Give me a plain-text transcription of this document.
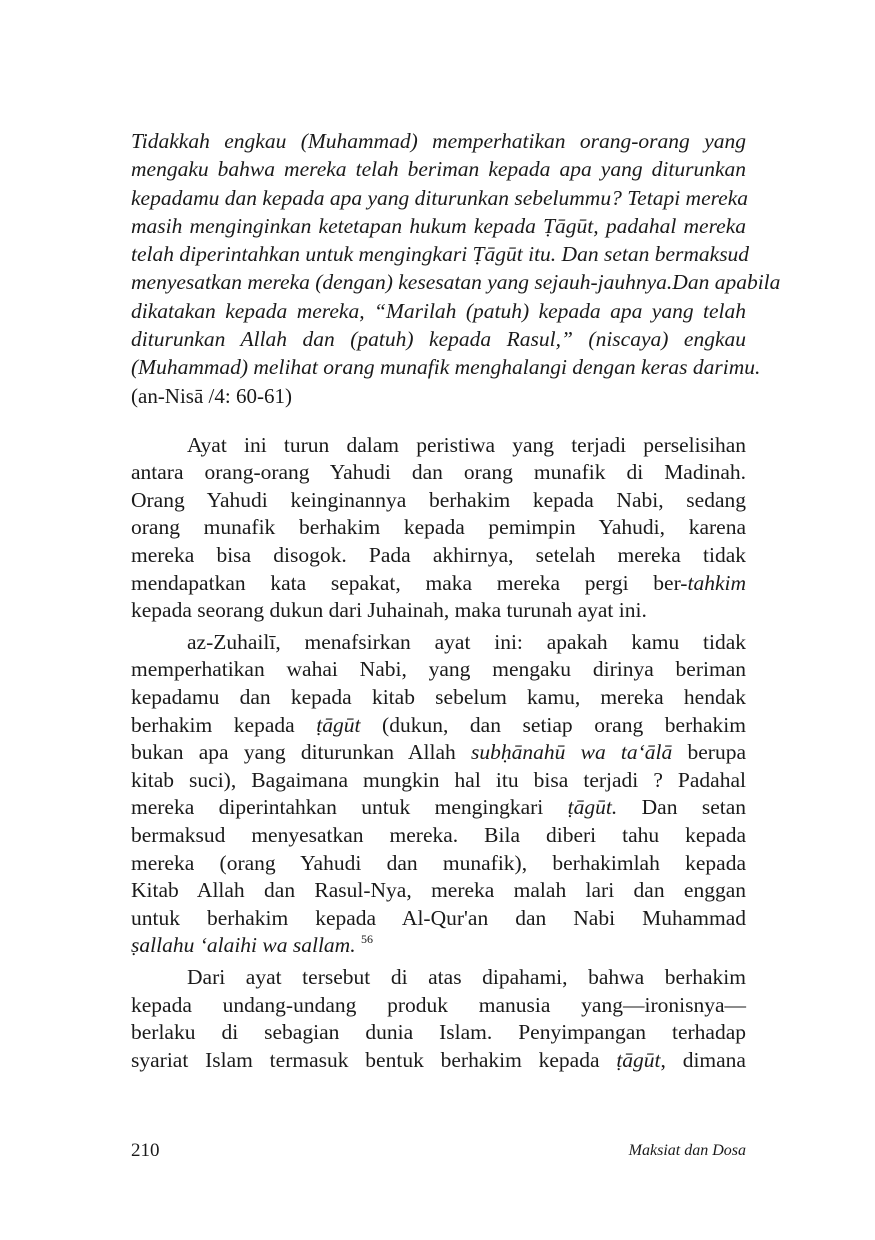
Tidakkah engkau (Muhammad) memperhatikan orang-orang yang
mengaku bahwa mereka telah beriman kepada apa yang diturunkan
kepadamu dan kepada apa yang diturunkan sebelummu? Tetapi mereka
masih menginginkan ketetapan hukum kepada Ṭāgūt, padahal mereka
telah diperintahkan untuk mengingkari Ṭāgūt itu. Dan setan bermaksud
menyesatkan mereka (dengan) kesesatan yang sejauh-jauhnya.Dan apabila
dikatakan kepada mereka, “Marilah (patuh) kepada apa yang telah
diturunkan Allah dan (patuh) kepada Rasul,” (niscaya) engkau
(Muhammad) melihat orang munafik menghalangi dengan keras darimu.
(an-Nisā /4: 60-61)
Ayat ini turun dalam peristiwa yang terjadi perselisihan
antara orang-orang Yahudi dan orang munafik di Madinah.
Orang Yahudi keinginannya berhakim kepada Nabi, sedang
orang munafik berhakim kepada pemimpin Yahudi, karena
mereka bisa disogok. Pada akhirnya, setelah mereka tidak
mendapatkan kata sepakat, maka mereka pergi ber-tahkim
kepada seorang dukun dari Juhainah, maka turunah ayat ini.
az-Zuhailī, menafsirkan ayat ini: apakah kamu tidak
memperhatikan wahai Nabi, yang mengaku dirinya beriman
kepadamu dan kepada kitab sebelum kamu, mereka hendak
berhakim kepada ṭāgūt (dukun, dan setiap orang berhakim
bukan apa yang diturunkan Allah subḥānahū wa ta‘ālā berupa
kitab suci), Bagaimana mungkin hal itu bisa terjadi ? Padahal
mereka diperintahkan untuk mengingkari ṭāgūt. Dan setan
bermaksud menyesatkan mereka. Bila diberi tahu kepada
mereka (orang Yahudi dan munafik), berhakimlah kepada
Kitab Allah dan Rasul-Nya, mereka malah lari dan enggan
untuk berhakim kepada Al-Qur'an dan Nabi Muhammad
ṣallahu ‘alaihi wa sallam. $^{56}$
Dari ayat tersebut di atas dipahami, bahwa berhakim
kepada undang-undang produk manusia yang—ironisnya—
berlaku di sebagian dunia Islam. Penyimpangan terhadap
syariat Islam termasuk bentuk berhakim kepada ṭāgūt, dimana
210	Maksiat dan Dosa
